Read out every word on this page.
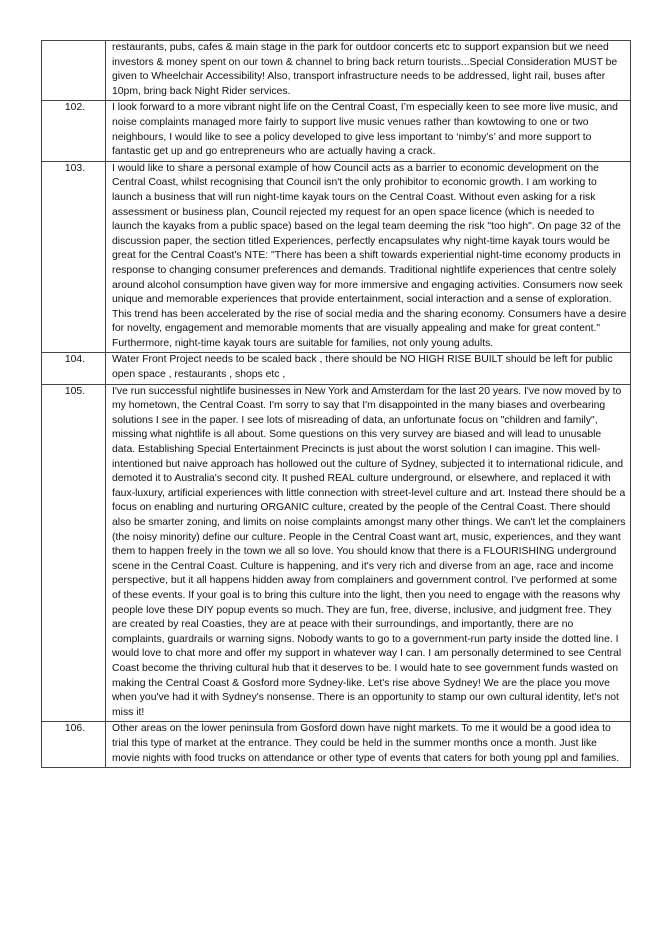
	restaurants, pubs, cafes & main stage in the park for outdoor concerts etc to support expansion but we need investors & money spent on our town & channel to bring back return tourists...Special Consideration MUST be given to Wheelchair Accessibility! Also, transport infrastructure needs to be addressed, light rail, buses after 10pm, bring back Night Rider services.
102.	I look forward to a more vibrant night life on the Central Coast, I’m especially keen to see more live music, and noise complaints managed more fairly to support live music venues rather than kowtowing to one or two neighbours, I would like to see a policy developed to give less important to ‘nimby’s’ and more support to fantastic get up and go entrepreneurs who are actually having a crack.
103.	I would like to share a personal example of how Council acts as a barrier to economic development on the Central Coast, whilst recognising that Council isn't the only prohibitor to economic growth. I am working to launch a business that will run night-time kayak tours on the Central Coast. Without even asking for a risk assessment or business plan, Council rejected my request for an open space licence (which is needed to launch the kayaks from a public space) based on the legal team deeming the risk "too high". On page 32 of the discussion paper, the section titled Experiences, perfectly encapsulates why night-time kayak tours would be great for the Central Coast's NTE: "There has been a shift towards experiential night-time economy products in response to changing consumer preferences and demands. Traditional nightlife experiences that centre solely around alcohol consumption have given way for more immersive and engaging activities. Consumers now seek unique and memorable experiences that provide entertainment, social interaction and a sense of exploration. This trend has been accelerated by the rise of social media and the sharing economy. Consumers have a desire for novelty, engagement and memorable moments that are visually appealing and make for great content." Furthermore, night-time kayak tours are suitable for families, not only young adults.
104.	Water Front Project needs to be scaled back , there should be NO HIGH RISE BUILT should be left for public open space , restaurants , shops etc ,
105.	I've run successful nightlife businesses in New York and Amsterdam for the last 20 years. I've now moved by to my hometown, the Central Coast. I'm sorry to say that I'm disappointed in the many biases and overbearing solutions I see in the paper. I see lots of misreading of data, an unfortunate focus on "children and family", missing what nightlife is all about. Some questions on this very survey are biased and will lead to unusable data. Establishing Special Entertainment Precincts is just about the worst solution I can imagine. This well-intentioned but naive approach has hollowed out the culture of Sydney, subjected it to international ridicule, and demoted it to Australia's second city. It pushed REAL culture underground, or elsewhere, and replaced it with faux-luxury, artificial experiences with little connection with street-level culture and art. Instead there should be a focus on enabling and nurturing ORGANIC culture, created by the people of the Central Coast. There should also be smarter zoning, and limits on noise complaints amongst many other things. We can't let the complainers (the noisy minority) define our culture. People in the Central Coast want art, music, experiences, and they want them to happen freely in the town we all so love. You should know that there is a FLOURISHING underground scene in the Central Coast. Culture is happening, and it's very rich and diverse from an age, race and income perspective, but it all happens hidden away from complainers and government control. I've performed at some of these events. If your goal is to bring this culture into the light, then you need to engage with the reasons why people love these DIY popup events so much. They are fun, free, diverse, inclusive, and judgment free. They are created by real Coasties, they are at peace with their surroundings, and importantly, there are no complaints, guardrails or warning signs. Nobody wants to go to a government-run party inside the dotted line. I would love to chat more and offer my support in whatever way I can. I am personally determined to see Central Coast become the thriving cultural hub that it deserves to be. I would hate to see government funds wasted on making the Central Coast & Gosford more Sydney-like. Let's rise above Sydney! We are the place you move when you've had it with Sydney's nonsense. There is an opportunity to stamp our own cultural identity, let's not miss it!
106.	Other areas on the lower peninsula from Gosford down have night markets. To me it would be a good idea to trial this type of market at the entrance. They could be held in the summer months once a month. Just like movie nights with food trucks on attendance or other type of events that caters for both young ppl and families.
